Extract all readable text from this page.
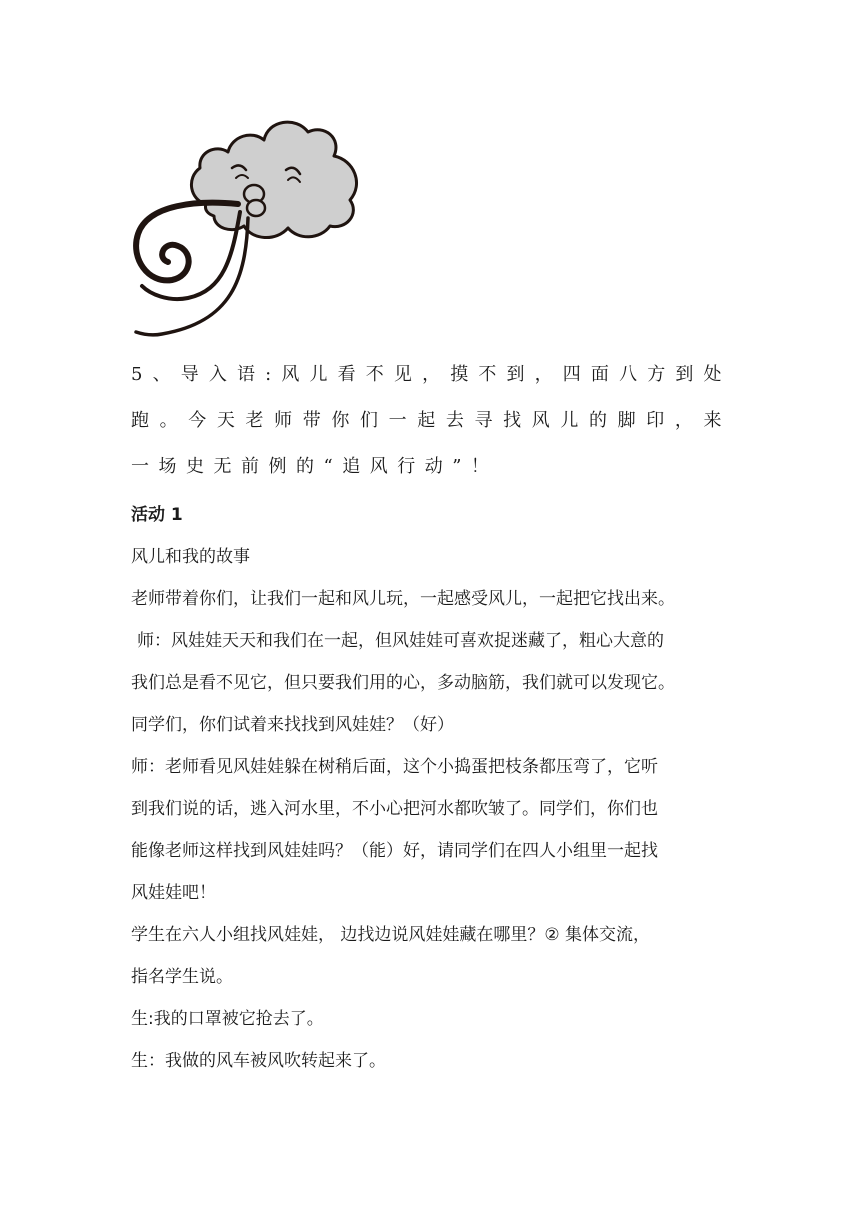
5、导入语:风儿看不见，摸不到，四面八方到处跑。今天老师带你们一起去寻找风儿的脚印，来一场史无前例的“追风行动”！

活动 1

风儿和我的故事

老师带着你们，让我们一起和风儿玩，一起感受风儿，一起把它找出来。

师：风娃娃天天和我们在一起，但风娃娃可喜欢捉迷藏了，粗心大意的

我们总是看不见它，但只要我们用的心，多动脑筋，我们就可以发现它。

同学们，你们试着来找找到风娃娃？（好）

师：老师看见风娃娃躲在树稍后面，这个小捣蛋把枝条都压弯了，它听

到我们说的话，逃入河水里，不小心把河水都吹皱了。同学们，你们也

能像老师这样找到风娃娃吗？（能）好，请同学们在四人小组里一起找

风娃娃吧！

学生在六人小组找风娃娃， 边找边说风娃娃藏在哪里？② 集体交流，

指名学生说。

生:我的口罩被它抢去了。

生：我做的风车被风吹转起来了。
